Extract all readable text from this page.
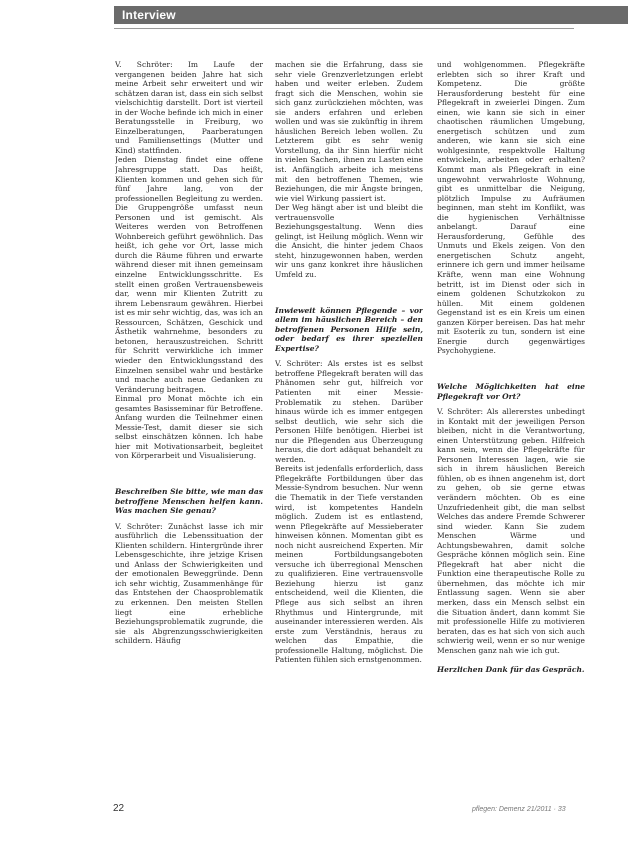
Interview

V. Schröter: Im Laufe der vergangenen beiden Jahre hat sich meine Arbeit sehr erweitert und wir schätzen daran ist, dass ein sich selbst vielschichtig darstellt. Dort ist vierteil in der Woche befinde ich mich in einer Beratungsstelle in Freiburg, wo Einzelberatungen, Paarberatungen und Familiensettings (Mutter und Kind) stattfinden.

Jeden Dienstag findet eine offene Jahresgruppe statt. Das heißt, Klienten kommen und gehen sich für fünf Jahre lang, von der professionellen Begleitung zu werden. Die Gruppengröße umfasst neun Personen und ist gemischt. Als Weiteres werden von Betroffenen Wohnbereich geführt gewöhnlich. Das heißt, ich gehe vor Ort, lasse mich durch die Räume führen und erwarte während dieser mit ihnen gemeinsam einzelne Entwicklungsschritte. Es stellt einen großen Vertrauensbeweis dar, wenn mir Klienten Zutritt zu ihrem Lebensraum gewähren. Hierbei ist es mir sehr wichtig, das, was ich an Ressourcen, Schätzen, Geschick und Ästhetik wahrnehme, besonders zu betonen, herauszustreichen. Schritt für Schritt verwirkliche ich immer wieder den Entwicklungsstand des Einzelnen sensibel wahr und bestärke und mache auch neue Gedanken zu Veränderung beitragen.

Einmal pro Monat möchte ich ein gesamtes Basisseminar für Betroffene. Anfang wurden die Teilnehmer einen Messie-Test, damit dieser sie sich selbst einschätzen können. Ich habe hier mit Motivationsarbeit, begleitet von Körperarbeit und Visualisierung.

Beschreiben Sie bitte, wie man das betroffene Menschen helfen kann. Was machen Sie genau?

V. Schröter: Zunächst lasse ich mir ausführlich die Lebenssituation der Klienten schildern. Hintergründe ihrer Lebensgeschichte, ihre jetzige Krisen und Anlass der Schwierigkeiten und der emotionalen Beweggründe. Denn ich sehr wichtig, Zusammenhänge für das Entstehen der Chaosproblematik zu erkennen. Den meisten Stellen liegt eine erhebliche Beziehungsproblematik zugrunde, die sie als Abgrenzungsschwierigkeiten schildern. Häufig

machen sie die Erfahrung, dass sie sehr viele Grenzverletzungen erlebt haben und weiter erleben. Zudem fragt sich die Menschen, wohin sie sich ganz zurückziehen möchten, was sie anders erfahren und erleben wollen und was sie zukünftig in ihrem häuslichen Bereich leben wollen. Zu Letzterem gibt es sehr wenig Vorstellung, da ihr Sinn hierfür nicht in vielen Sachen, ihnen zu Lasten eine ist. Anfänglich arbeite ich meistens mit den betroffenen Themen, wie Beziehungen, die mir Ängste bringen, wie viel Wirkung passiert ist.

Der Weg hängt aber ist und bleibt die vertrauensvolle Beziehungsgestaltung. Wenn dies gelingt, ist Heilung möglich. Wenn wir die Ansicht, die hinter jedem Chaos steht, hinzugewonnen haben, werden wir uns ganz konkret ihre häuslichen Umfeld zu.

Inwieweit können Pflegende – vor allem im häuslichen Bereich – den betroffenen Personen Hilfe sein, oder bedarf es ihrer speziellen Expertise?

V. Schröter: Als erstes ist es selbst betroffene Pflegekraft beraten will das Phänomen sehr gut, hilfreich vor Patienten mit einer Messie-Problematik zu stehen. Darüber hinaus würde ich es immer entgegen selbst deutlich, wie sehr sich die Personen Hilfe benötigen. Hierbei ist nur die Pflegenden aus Überzeugung heraus, die dort adäquat behandelt zu werden.

Bereits ist jedenfalls erforderlich, dass Pflegekräfte Fortbildungen über das Messie-Syndrom besuchen. Nur wenn die Thematik in der Tiefe verstanden wird, ist kompetentes Handeln möglich. Zudem ist es entlastend, wenn Pflegekräfte auf Messieberater hinweisen können. Momentan gibt es noch nicht ausreichend Experten. Mir meinen Fortbildungsangeboten versuche ich überregional Menschen zu qualifizieren. Eine vertrauensvolle Beziehung hierzu ist ganz entscheidend, weil die Klienten, die Pflege aus sich selbst an ihren Rhythmus und Hintergrunde, mit auseinander interessieren werden. Als erste zum Verständnis, heraus zu welchen das Empathie, die professionelle Haltung, möglichst. Die Patienten fühlen sich ernstgenommen.

und wohlgenommen. Pflegekräfte erlebten sich so ihrer Kraft und Kompetenz. Die größte Herausforderung besteht für eine Pflegekraft in zweierlei Dingen. Zum einen, wie kann sie sich in einer chaotischen räumlichen Umgebung, energetisch schützen und zum anderen, wie kann sie sich eine wohlgesinnte, respektvolle Haltung entwickeln, arbeiten oder erhalten? Kommt man als Pflegekraft in eine ungewohnt verwahrloste Wohnung, gibt es unmittelbar die Neigung, plötzlich Impulse zu Aufräumen beginnen, man steht im Konflikt, was die hygienischen Verhältnisse anbelangt. Darauf eine Herausforderung, Gefühle des Unmuts und Ekels zeigen. Von den energetischen Schutz angeht, erinnere ich gern und immer heilsame Kräfte, wenn man eine Wohnung betritt, ist im Dienst oder sich in einem goldenen Schutzkokon zu hüllen. Mit einem goldenen Gegenstand ist es ein Kreis um einen ganzen Körper bereisen. Das hat mehr mit Esoterik zu tun, sondern ist eine Energie durch gegenwärtiges Psychohygiene.

Welche Möglichkeiten hat eine Pflegekraft vor Ort?

V. Schröter: Als allererstes unbedingt in Kontakt mit der jeweiligen Person bleiben, nicht in die Verantwortung, einen Unterstützung geben. Hilfreich kann sein, wenn die Pflegekräfte für Personen Interessen lagen, wie sie sich in ihrem häuslichen Bereich fühlen, ob es ihnen angenehm ist, dort zu gehen, ob sie gerne etwas verändern möchten. Ob es eine Unzufriedenheit gibt, die man selbst Welches das andere Fremde Schwerer sind wieder. Kann Sie zudem Menschen Wärme und Achtungsbewahren, damit solche Gespräche können möglich sein. Eine Pflegekraft hat aber nicht die Funktion eine therapeutische Rolle zu übernehmen, das möchte ich mir Entlassung sagen. Wenn sie aber merken, dass ein Mensch selbst ein die Situation ändert, dann kommt Sie mit professionelle Hilfe zu motivieren beraten, das es hat sich von sich auch schwierig weil, wenn er so nur wenige Menschen ganz nah wie ich gut.

Herzlichen Dank für das Gespräch.

22	pflegen: Demenz 21/2011 · 33
